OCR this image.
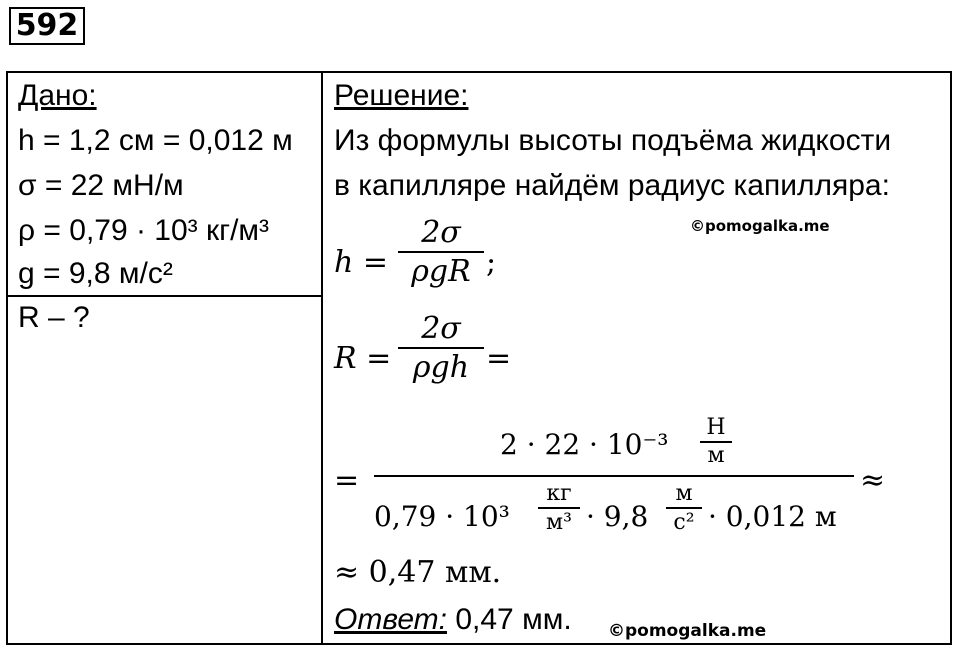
592
Дано:
h = 1,2 см = 0,012 м
σ = 22 мН/м
ρ = 0,79 · 10³ кг/м³
g = 9,8 м/с²
R – ?
Решение:
Из формулы высоты подъёма жидкости
в капилляре найдём радиус капилляра:
©pomogalka.me
h =
2σ
ρgR ;
R =
2σ
ρgh =
=
2 · 22 · 10⁻³
Н
м
0,79 · 10³
кг
м³ · 9,8
м
с² · 0,012 м
≈
≈ 0,47 мм.
Ответ: 0,47 мм. ©pomogalka.me
